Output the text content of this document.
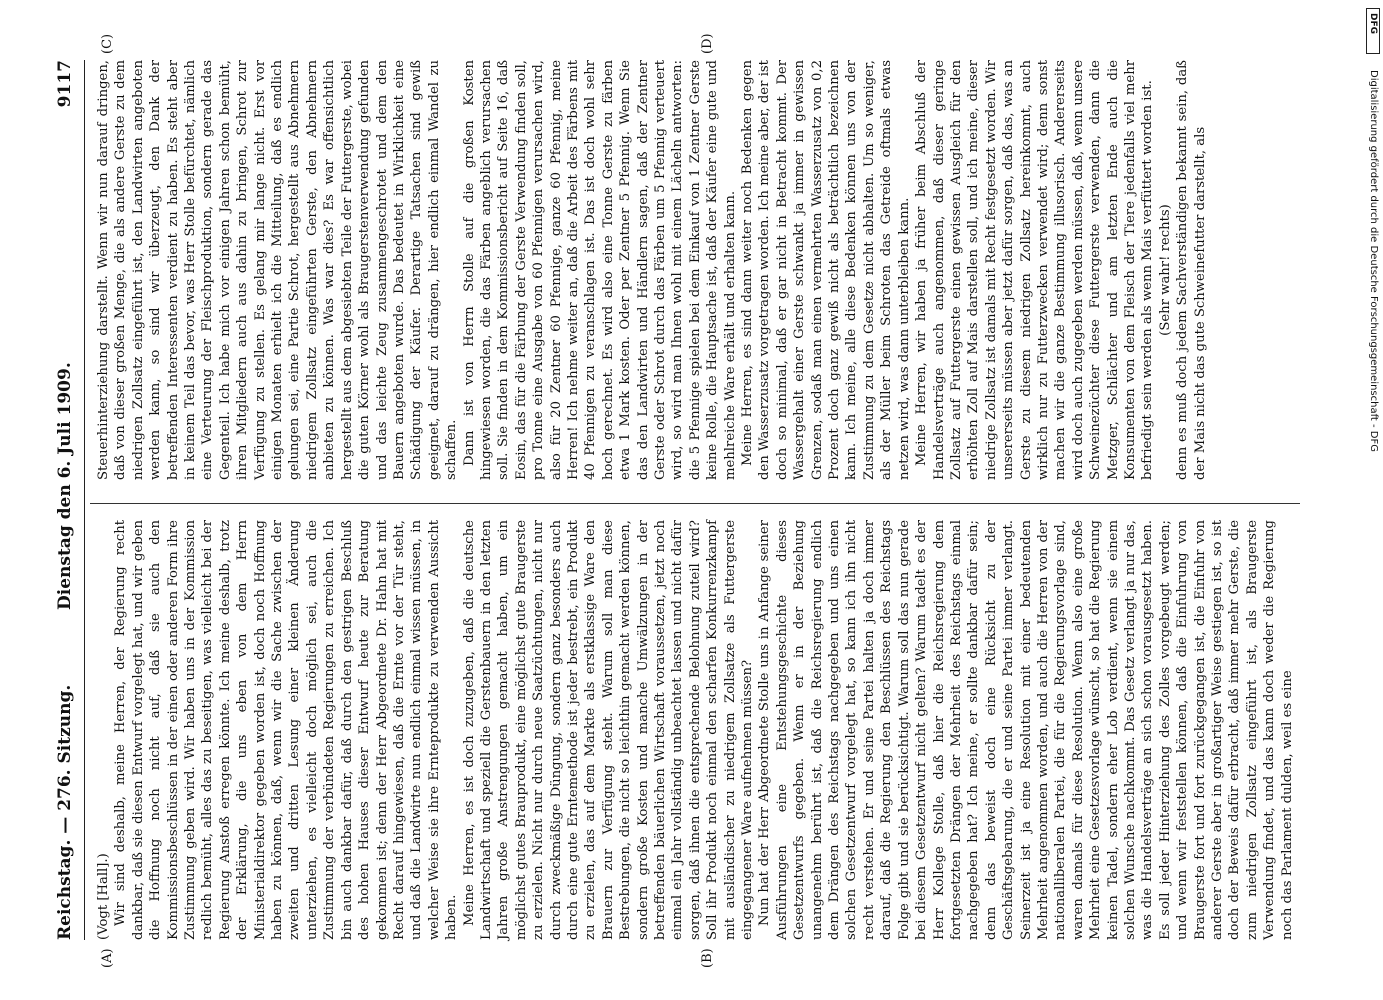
Reichstag. — 276. Sitzung.
Dienstag den 6. Juli 1909.
9117
(A)	(B)
(C)	(D)

(Vogt [Hall].) Wir sind deshalb, meine Herren, der Regierung recht dankbar, daß sie diesen Entwurf vorgelegt hat, und wir geben die Hoffnung noch nicht auf, daß sie auch den Kommissionsbeschlüssen in der einen oder anderen Form ihre Zustimmung geben wird. Wir haben uns in der Kommission redlich bemüht, alles das zu beseitigen, was vielleicht bei der Regierung Anstoß erregen könnte. Ich meine deshalb, trotz der Erklärung, die uns eben von dem Herrn Ministerialdirektor gegeben worden ist, doch noch Hoffnung haben zu können, daß, wenn wir die Sache zwischen der zweiten und dritten Lesung einer kleinen Änderung unterziehen, es vielleicht doch möglich sei, auch die Zustimmung der verbündeten Regierungen zu erreichen. Ich bin auch dankbar dafür, daß durch den gestrigen Beschluß des hohen Hauses dieser Entwurf heute zur Beratung gekommen ist; denn der Herr Abgeordnete Dr. Hahn hat mit Recht darauf hingewiesen, daß die Ernte vor der Tür steht, und daß die Landwirte nun endlich einmal wissen müssen, in welcher Weise sie ihre Ernteprodukte zu verwenden Aussicht haben. Meine Herren, es ist doch zuzugeben, daß die deutsche Landwirtschaft und speziell die Gerstenbauern in den letzten Jahren große Anstrengungen gemacht haben, um ein möglichst gutes Brauprodukt, eine möglichst gute Braugerste zu erzielen. Nicht nur durch neue Saatzüchtungen, nicht nur durch zweckmäßige Düngung, sondern ganz besonders auch durch eine gute Erntemethode ist jeder bestrebt, ein Produkt zu erzielen, das auf dem Markte als erstklassige Ware den Brauern zur Verfügung steht. Warum soll man diese Bestrebungen, die nicht so leichthin gemacht werden können, sondern große Kosten und manche Umwälzungen in der betreffenden bäuerlichen Wirtschaft voraussetzen, jetzt noch einmal ein Jahr vollständig unbeachtet lassen und nicht dafür sorgen, daß ihnen die entsprechende Belohnung zuteil wird? Soll ihr Produkt noch einmal den scharfen Konkurrenzkampf mit ausländischer zu niedrigem Zollsatze als Futtergerste eingegangener Ware aufnehmen müssen? Nun hat der Herr Abgeordnete Stolle uns in Anfange seiner Ausführungen eine Entstehungsgeschichte dieses Gesetzentwurfs gegeben. Wenn er in der Beziehung unangenehm berührt ist, daß die Reichsregierung endlich dem Drängen des Reichstags nachgegeben und uns einen solchen Gesetzentwurf vorgelegt hat, so kann ich ihn nicht recht verstehen. Er und seine Partei halten ja doch immer darauf, daß die Regierung den Beschlüssen des Reichstags Folge gibt und sie berücksichtigt. Warum soll das nun gerade bei diesem Gesetzentwurf nicht gelten? Warum tadelt es der Herr Kollege Stolle, daß hier die Reichsregierung dem fortgesetzten Drängen der Mehrheit des Reichstags einmal nachgegeben hat? Ich meine, er sollte dankbar dafür sein; denn das beweist doch eine Rücksicht zu der Geschäftsgebarung, die er und seine Partei immer verlangt. Seinerzeit ist ja eine Resolution mit einer bedeutenden Mehrheit angenommen worden, und auch die Herren von der nationalliberalen Partei, die für die Regierungsvorlage sind, waren damals für diese Resolution. Wenn also eine große Mehrheit eine Gesetzesvorlage wünscht, so hat die Regierung keinen Tadel, sondern eher Lob verdient, wenn sie einem solchen Wunsche nachkommt. Das Gesetz verlangt ja nur das, was die Handelsverträge an sich schon vorausgesetzt haben. Es soll jeder Hinterziehung des Zolles vorgebeugt werden; und wenn wir feststellen können, daß die Einfuhrung von Braugerste fort und fort zurückgegangen ist, die Einfuhr von anderer Gerste aber in großartiger Weise gestiegen ist, so ist doch der Beweis dafür erbracht, daß immer mehr Gerste, die zum niedrigen Zollsatz eingeführt ist, als Braugerste Verwendung findet, und das kann doch weder die Regierung noch das Parlament dulden, weil es eine

Steuerhinterziehung darstellt. Wenn wir nun darauf dringen, daß von dieser großen Menge, die als andere Gerste zu dem niedrigen Zollsatz eingeführt ist, den Landwirten angeboten werden kann, so sind wir überzeugt, den Dank der betreffenden Interessenten verdient zu haben. Es steht aber in keinem Teil das bevor, was Herr Stolle befürchtet, nämlich eine Verteurung der Fleischproduktion, sondern gerade das Gegenteil. Ich habe mich vor einigen Jahren schon bemüht, ihren Mitgliedern auch aus dahin zu bringen, Schrot zur Verfügung zu stellen. Es gelang mir lange nicht. Erst vor einigen Monaten erhielt ich die Mitteilung, daß es endlich gelungen sei, eine Partie Schrot, hergestellt aus Abnehmern niedrigem Zollsatz eingeführten Gerste, den Abnehmern anbieten zu können. Was war dies? Es war offensichtlich hergestellt aus dem abgesiebten Teile der Futtergerste, wobei die guten Körner wohl als Braugerstenverwendung gefunden und das leichte Zeug zusammengeschrotet und dem den Bauern angeboten wurde. Das bedeutet in Wirklichkeit eine Schädigung der Käufer. Derartige Tatsachen sind gewiß geeignet, darauf zu drängen, hier endlich einmal Wandel zu schaffen. Dann ist von Herrn Stolle auf die großen Kosten hingewiesen worden, die das Färben angeblich verursachen soll. Sie finden in dem Kommissionsbericht auf Seite 16, daß Eosin, das für die Färbung der Gerste Verwendung finden soll, pro Tonne eine Ausgabe von 60 Pfennigen verursachen wird, also für 20 Zentner 60 Pfennige, ganze 60 Pfennig, meine Herren! Ich nehme weiter an, daß die Arbeit des Färbens mit 40 Pfennigen zu veranschlagen ist. Das ist doch wohl sehr hoch gerechnet. Es wird also eine Tonne Gerste zu färben etwa 1 Mark kosten. Oder per Zentner 5 Pfennig. Wenn Sie das den Landwirten und Händlern sagen, daß der Zentner Gerste oder Schrot durch das Färben um 5 Pfennig verteuert wird, so wird man Ihnen wohl mit einem Lächeln antworten: die 5 Pfennige spielen bei dem Einkauf von 1 Zentner Gerste keine Rolle, die Hauptsache ist, daß der Käufer eine gute und mehlreiche Ware erhält und erhalten kann. Meine Herren, es sind dann weiter noch Bedenken gegen den Wasserzusatz vorgetragen worden. Ich meine aber, der ist doch so minimal, daß er gar nicht in Betracht kommt. Der Wassergehalt einer Gerste schwankt ja immer in gewissen Grenzen, sodaß man einen vermehrten Wasserzusatz von 0,2 Prozent doch ganz gewiß nicht als beträchtlich bezeichnen kann. Ich meine, alle diese Bedenken können uns von der Zustimmung zu dem Gesetze nicht abhalten. Um so weniger, als der Müller beim Schroten das Getreide oftmals etwas netzen wird, was dann unterbleiben kann. Meine Herren, wir haben ja früher beim Abschluß der Handelsverträge auch angenommen, daß dieser geringe Zollsatz auf Futtergerste einen gewissen Ausgleich für den erhöhten Zoll auf Mais darstellen soll, und ich meine, dieser niedrige Zollsatz ist damals mit Recht festgesetzt worden. Wir unsererseits müssen aber jetzt dafür sorgen, daß das, was an Gerste zu diesem niedrigen Zollsatz hereinkommt, auch wirklich nur zu Futterzwecken verwendet wird; denn sonst machen wir die ganze Bestimmung illusorisch. Andererseits wird doch auch zugegeben werden müssen, daß, wenn unsere Schweinezüchter diese Futtergerste verwenden, dann die Metzger, Schlächter und am letzten Ende auch die Konsumenten von dem Fleisch der Tiere jedenfalls viel mehr befriedigt sein werden als wenn Mais verfüttert worden ist. (Sehr wahr! rechts) denn es muß doch jedem Sachverständigen bekannt sein, daß der Mais nicht das gute Schweinefutter darstellt, als

DFG
Digitalisierung gefördert durch die Deutsche Forschungsgemeinschaft - DFG
